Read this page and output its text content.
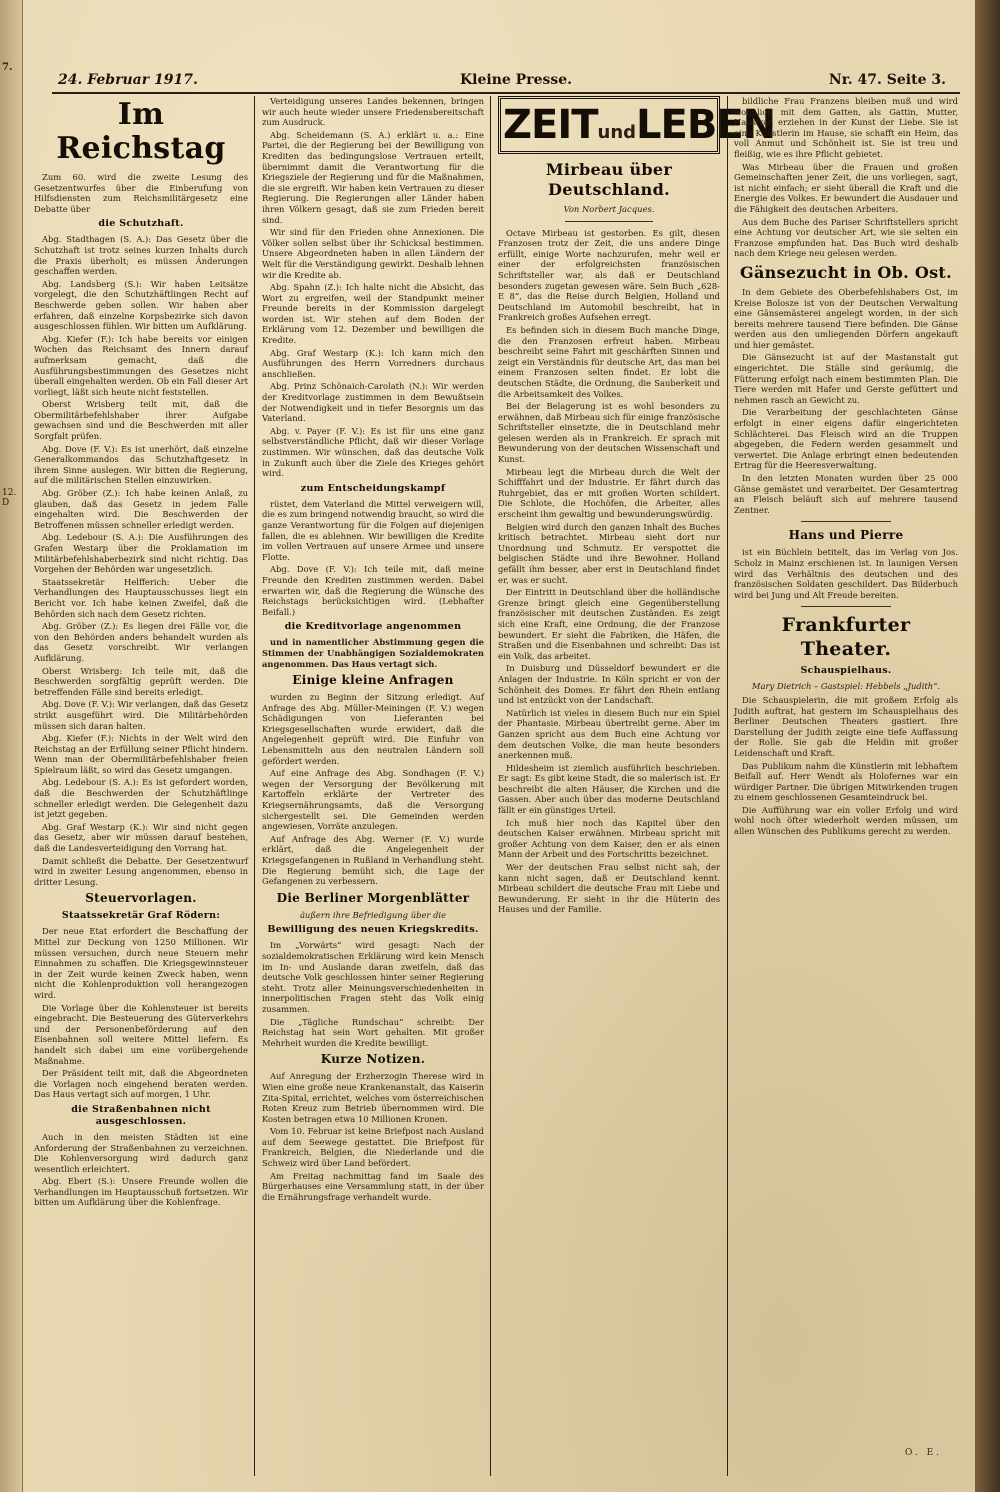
7.
12. D
24. Februar 1917.	Kleine Presse.	Nr. 47. Seite 3.
Im Reichstag

Zum 60. wird die zweite Lesung des Gesetzentwurfes über die Einberufung von Hilfsdiensten zum Reichsmilitärgesetz eine Debatte über

die Schutzhaft.

Abg. Stadthagen (S. A.): Das Gesetz über die Schutzhaft ist trotz seines kurzen Inhalts durch die Praxis überholt; es müssen Änderungen geschaffen werden.

Abg. Landsberg (S.): Wir haben Leitsätze vorgelegt, die den Schutzhäftlingen Recht auf Beschwerde geben sollen. Wir haben aber erfahren, daß einzelne Korpsbezirke sich davon ausgeschlossen fühlen. Wir bitten um Aufklärung.

Abg. Kiefer (F.): Ich habe bereits vor einigen Wochen das Reichsamt des Innern darauf aufmerksam gemacht, daß die Ausführungsbestimmungen des Gesetzes nicht überall eingehalten werden. Ob ein Fall dieser Art vorliegt, läßt sich heute nicht feststellen.

Oberst Wrisberg teilt mit, daß die Obermilitärbefehlshaber ihrer Aufgabe gewachsen sind und die Beschwerden mit aller Sorgfalt prüfen.

Abg. Dove (F. V.): Es ist unerhört, daß einzelne Generalkommandos das Schutzhaftgesetz in ihrem Sinne auslegen. Wir bitten die Regierung, auf die militärischen Stellen einzuwirken.

Abg. Gröber (Z.): Ich habe keinen Anlaß, zu glauben, daß das Gesetz in jedem Falle eingehalten wird. Die Beschwerden der Betroffenen müssen schneller erledigt werden.

Abg. Ledebour (S. A.): Die Ausführungen des Grafen Westarp über die Proklamation im Militärbefehlshaberbezirk sind nicht richtig. Das Vorgehen der Behörden war ungesetzlich.

Staatssekretär Helfferich: Ueber die Verhandlungen des Hauptausschusses liegt ein Bericht vor. Ich habe keinen Zweifel, daß die Behörden sich nach dem Gesetz richten.

Abg. Gröber (Z.): Es liegen drei Fälle vor, die von den Behörden anders behandelt wurden als das Gesetz vorschreibt. Wir verlangen Aufklärung.

Oberst Wrisberg: Ich teile mit, daß die Beschwerden sorgfältig geprüft werden. Die betreffenden Fälle sind bereits erledigt.

Abg. Dove (F. V.): Wir verlangen, daß das Gesetz strikt ausgeführt wird. Die Militärbehörden müssen sich daran halten.

Abg. Kiefer (F.): Nichts in der Welt wird den Reichstag an der Erfüllung seiner Pflicht hindern. Wenn man der Obermilitärbefehlshaber freien Spielraum läßt, so wird das Gesetz umgangen.

Abg. Ledebour (S. A.): Es ist gefordert worden, daß die Beschwerden der Schutzhäftlinge schneller erledigt werden. Die Gelegenheit dazu ist jetzt gegeben.

Abg. Graf Westarp (K.): Wir sind nicht gegen das Gesetz, aber wir müssen darauf bestehen, daß die Landesverteidigung den Vorrang hat.

Damit schließt die Debatte. Der Gesetzentwurf wird in zweiter Lesung angenommen, ebenso in dritter Lesung.

Steuervorlagen.
Staatssekretär Graf Rödern:

Der neue Etat erfordert die Beschaffung der Mittel zur Deckung von 1250 Millionen. Wir müssen versuchen, durch neue Steuern mehr Einnahmen zu schaffen. Die Kriegsgewinnsteuer in der Zeit wurde keinen Zweck haben, wenn nicht die Kohlenproduktion voll herangezogen wird.

Die Vorlage über die Kohlensteuer ist bereits eingebracht. Die Besteuerung des Güterverkehrs und der Personenbeförderung auf den Eisenbahnen soll weitere Mittel liefern. Es handelt sich dabei um eine vorübergehende Maßnahme.

Der Präsident teilt mit, daß die Abgeordneten die Vorlagen noch eingehend beraten werden. Das Haus vertagt sich auf morgen, 1 Uhr.

die Straßenbahnen nicht ausgeschlossen.

Auch in den meisten Städten ist eine Anforderung der Straßenbahnen zu verzeichnen. Die Kohlenversorgung wird dadurch ganz wesentlich erleichtert.

Abg. Ebert (S.): Unsere Freunde wollen die Verhandlungen im Hauptausschuß fortsetzen. Wir bitten um Aufklärung über die Kohlenfrage.

Verteidigung unseres Landes bekennen, bringen wir auch heute wieder unsere Friedensbereitschaft zum Ausdruck.

Abg. Scheidemann (S. A.) erklärt u. a.: Eine Partei, die der Regierung bei der Bewilligung von Krediten das bedingungslose Vertrauen erteilt, übernimmt damit die Verantwortung für die Kriegsziele der Regierung und für die Maßnahmen, die sie ergreift. Wir haben kein Vertrauen zu dieser Regierung. Die Regierungen aller Länder haben ihren Völkern gesagt, daß sie zum Frieden bereit sind.

Wir sind für den Frieden ohne Annexionen. Die Völker sollen selbst über ihr Schicksal bestimmen. Unsere Abgeordneten haben in allen Ländern der Welt für die Verständigung gewirkt. Deshalb lehnen wir die Kredite ab.

Abg. Spahn (Z.): Ich halte nicht die Absicht, das Wort zu ergreifen, weil der Standpunkt meiner Freunde bereits in der Kommission dargelegt worden ist. Wir stehen auf dem Boden der Erklärung vom 12. Dezember und bewilligen die Kredite.

Abg. Graf Westarp (K.): Ich kann mich den Ausführungen des Herrn Vorredners durchaus anschließen.

Abg. Prinz Schönaich-Carolath (N.): Wir werden der Kreditvorlage zustimmen in dem Bewußtsein der Notwendigkeit und in tiefer Besorgnis um das Vaterland.

Abg. v. Payer (F. V.): Es ist für uns eine ganz selbstverständliche Pflicht, daß wir dieser Vorlage zustimmen. Wir wünschen, daß das deutsche Volk in Zukunft auch über die Ziele des Krieges gehört wird.

zum Entscheidungskampf

rüstet, dem Vaterland die Mittel verweigern will, die es zum bringend notwendig braucht, so wird die ganze Verantwortung für die Folgen auf diejenigen fallen, die es ablehnen. Wir bewilligen die Kredite im vollen Vertrauen auf unsere Armee und unsere Flotte.

Abg. Dove (F. V.): Ich teile mit, daß meine Freunde den Krediten zustimmen werden. Dabei erwarten wir, daß die Regierung die Wünsche des Reichstags berücksichtigen wird. (Lebhafter Beifall.)

die Kreditvorlage angenommen

und in namentlicher Abstimmung gegen die Stimmen der Unabhängigen Sozialdemokraten angenommen. Das Haus vertagt sich.

Einige kleine Anfragen

wurden zu Beginn der Sitzung erledigt. Auf Anfrage des Abg. Müller-Meiningen (F. V.) wegen Schädigungen von Lieferanten bei Kriegsgesellschaften wurde erwidert, daß die Angelegenheit geprüft wird. Die Einfuhr von Lebensmitteln aus den neutralen Ländern soll gefördert werden.

Auf eine Anfrage des Abg. Sondhagen (F. V.) wegen der Versorgung der Bevölkerung mit Kartoffeln erklärte der Vertreter des Kriegsernährungsamts, daß die Versorgung sichergestellt sei. Die Gemeinden werden angewiesen, Vorräte anzulegen.

Auf Anfrage des Abg. Werner (F. V.) wurde erklärt, daß die Angelegenheit der Kriegsgefangenen in Rußland in Verhandlung steht. Die Regierung bemüht sich, die Lage der Gefangenen zu verbessern.

Die Berliner Morgenblätter
äußern ihre Befriedigung über die
Bewilligung des neuen Kriegskredits.

Im „Vorwärts“ wird gesagt: Nach der sozialdemokratischen Erklärung wird kein Mensch im In- und Auslande daran zweifeln, daß das deutsche Volk geschlossen hinter seiner Regierung steht. Trotz aller Meinungsverschiedenheiten in innerpolitischen Fragen steht das Volk einig zusammen.

Die „Tägliche Rundschau“ schreibt: Der Reichstag hat sein Wort gehalten. Mit großer Mehrheit wurden die Kredite bewilligt.

Kurze Notizen.

Auf Anregung der Erzherzogin Therese wird in Wien eine große neue Krankenanstalt, das Kaiserin Zita-Spital, errichtet, welches vom österreichischen Roten Kreuz zum Betrieb übernommen wird. Die Kosten betragen etwa 10 Millionen Kronen.

Vom 10. Februar ist keine Briefpost nach Ausland auf dem Seewege gestattet. Die Briefpost für Frankreich, Belgien, die Niederlande und die Schweiz wird über Land befördert.

Am Freitag nachmittag fand im Saale des Bürgerhauses eine Versammlung statt, in der über die Ernährungsfrage verhandelt wurde.

ZEITundLEBEN
Mirbeau über Deutschland.
Von Norbert Jacques.

Octave Mirbeau ist gestorben. Es gilt, diesen Franzosen trotz der Zeit, die uns andere Dinge erfüllt, einige Worte nachzurufen, mehr weil er einer der erfolgreichsten französischen Schriftsteller war, als daß er Deutschland besonders zugetan gewesen wäre. Sein Buch „628-E 8“, das die Reise durch Belgien, Holland und Deutschland im Automobil beschreibt, hat in Frankreich großes Aufsehen erregt.

Es befinden sich in diesem Buch manche Dinge, die den Franzosen erfreut haben. Mirbeau beschreibt seine Fahrt mit geschärften Sinnen und zeigt ein Verständnis für deutsche Art, das man bei einem Franzosen selten findet. Er lobt die deutschen Städte, die Ordnung, die Sauberkeit und die Arbeitsamkeit des Volkes.

Bei der Belagerung ist es wohl besonders zu erwähnen, daß Mirbeau sich für einige französische Schriftsteller einsetzte, die in Deutschland mehr gelesen werden als in Frankreich. Er sprach mit Bewunderung von der deutschen Wissenschaft und Kunst.

Mirbeau legt die Mirbeau durch die Welt der Schifffahrt und der Industrie. Er fährt durch das Ruhrgebiet, das er mit großen Worten schildert. Die Schlote, die Hochöfen, die Arbeiter, alles erscheint ihm gewaltig und bewunderungswürdig.

Belgien wird durch den ganzen Inhalt des Buches kritisch betrachtet. Mirbeau sieht dort nur Unordnung und Schmutz. Er verspottet die belgischen Städte und ihre Bewohner. Holland gefällt ihm besser, aber erst in Deutschland findet er, was er sucht.

Der Eintritt in Deutschland über die holländische Grenze bringt gleich eine Gegenüberstellung französischer mit deutschen Zuständen. Es zeigt sich eine Kraft, eine Ordnung, die der Franzose bewundert. Er sieht die Fabriken, die Häfen, die Straßen und die Eisenbahnen und schreibt: Das ist ein Volk, das arbeitet.

In Duisburg und Düsseldorf bewundert er die Anlagen der Industrie. In Köln spricht er von der Schönheit des Domes. Er fährt den Rhein entlang und ist entzückt von der Landschaft.

Natürlich ist vieles in diesem Buch nur ein Spiel der Phantasie. Mirbeau übertreibt gerne. Aber im Ganzen spricht aus dem Buch eine Achtung vor dem deutschen Volke, die man heute besonders anerkennen muß.

Hildesheim ist ziemlich ausführlich beschrieben. Er sagt: Es gibt keine Stadt, die so malerisch ist. Er beschreibt die alten Häuser, die Kirchen und die Gassen. Aber auch über das moderne Deutschland fällt er ein günstiges Urteil.

Ich muß hier noch das Kapitel über den deutschen Kaiser erwähnen. Mirbeau spricht mit großer Achtung von dem Kaiser, den er als einen Mann der Arbeit und des Fortschritts bezeichnet.

Wer der deutschen Frau selbst nicht sah, der kann nicht sagen, daß er Deutschland kennt. Mirbeau schildert die deutsche Frau mit Liebe und Bewunderung. Er sieht in ihr die Hüterin des Hauses und der Familie.

bildliche Frau Franzens bleiben muß und wird wohnlich mit dem Gatten, als Gattin, Mutter, Hausfrau erziehen in der Kunst der Liebe. Sie ist eine Künstlerin im Hause, sie schafft ein Heim, das voll Anmut und Schönheit ist. Sie ist treu und fleißig, wie es ihre Pflicht gebietet.

Was Mirbeau über die Frauen und großen Gemeinschaften jener Zeit, die uns vorliegen, sagt, ist nicht einfach; er sieht überall die Kraft und die Energie des Volkes. Er bewundert die Ausdauer und die Fähigkeit des deutschen Arbeiters.

Aus dem Buche des Pariser Schriftstellers spricht eine Achtung vor deutscher Art, wie sie selten ein Franzose empfunden hat. Das Buch wird deshalb nach dem Kriege neu gelesen werden.

Gänsezucht in Ob. Ost.

In dem Gebiete des Oberbefehlshabers Ost, im Kreise Bolosze ist von der Deutschen Verwaltung eine Gänsemästerei angelegt worden, in der sich bereits mehrere tausend Tiere befinden. Die Gänse werden aus den umliegenden Dörfern angekauft und hier gemästet.

Die Gänsezucht ist auf der Mastanstalt gut eingerichtet. Die Ställe sind geräumig, die Fütterung erfolgt nach einem bestimmten Plan. Die Tiere werden mit Hafer und Gerste gefüttert und nehmen rasch an Gewicht zu.

Die Verarbeitung der geschlachteten Gänse erfolgt in einer eigens dafür eingerichteten Schlächterei. Das Fleisch wird an die Truppen abgegeben, die Federn werden gesammelt und verwertet. Die Anlage erbringt einen bedeutenden Ertrag für die Heeresverwaltung.

In den letzten Monaten wurden über 25 000 Gänse gemästet und verarbeitet. Der Gesamtertrag an Fleisch beläuft sich auf mehrere tausend Zentner.

Hans und Pierre

ist ein Büchlein betitelt, das im Verlag von Jos. Scholz in Mainz erschienen ist. In launigen Versen wird das Verhältnis des deutschen und des französischen Soldaten geschildert. Das Bilderbuch wird bei Jung und Alt Freude bereiten.

Frankfurter Theater.
Schauspielhaus.
Mary Dietrich – Gastspiel: Hebbels „Judith“.

Die Schauspielerin, die mit großem Erfolg als Judith auftrat, hat gestern im Schauspielhaus des Berliner Deutschen Theaters gastiert. Ihre Darstellung der Judith zeigte eine tiefe Auffassung der Rolle. Sie gab die Heldin mit großer Leidenschaft und Kraft.

Das Publikum nahm die Künstlerin mit lebhaftem Beifall auf. Herr Wendt als Holofernes war ein würdiger Partner. Die übrigen Mitwirkenden trugen zu einem geschlossenen Gesamteindruck bei.

Die Aufführung war ein voller Erfolg und wird wohl noch öfter wiederholt werden müssen, um allen Wünschen des Publikums gerecht zu werden.

O. E.
